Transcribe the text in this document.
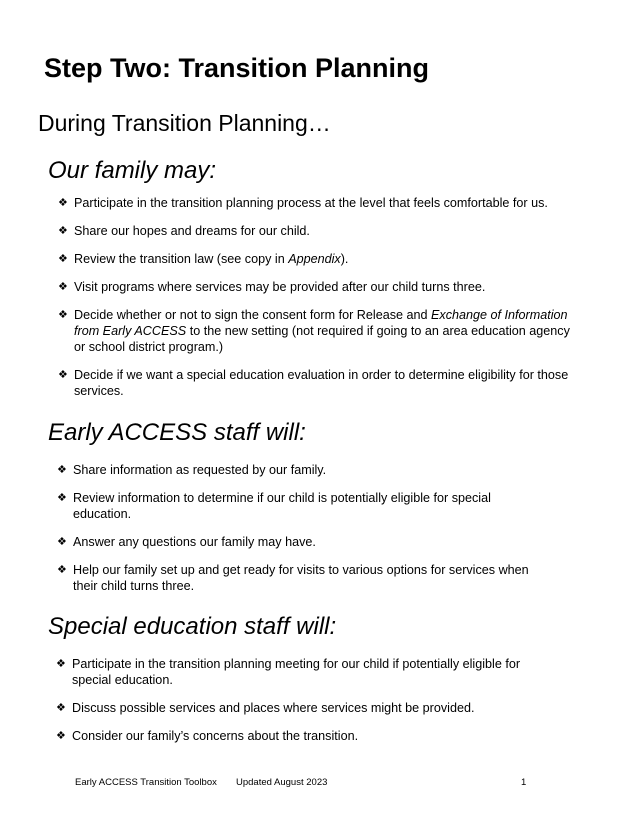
Step Two: Transition Planning
During Transition Planning…
Our family may:
❖ Participate in the transition planning process at the level that feels comfortable for us.
❖ Share our hopes and dreams for our child.
❖ Review the transition law (see copy in Appendix).
❖ Visit programs where services may be provided after our child turns three.
❖ Decide whether or not to sign the consent form for Release and Exchange of Information from Early ACCESS to the new setting (not required if going to an area education agency or school district program.)
❖ Decide if we want a special education evaluation in order to determine eligibility for those services.
Early ACCESS staff will:
❖ Share information as requested by our family.
❖ Review information to determine if our child is potentially eligible for special education.
❖ Answer any questions our family may have.
❖ Help our family set up and get ready for visits to various options for services when their child turns three.
Special education staff will:
❖ Participate in the transition planning meeting for our child if potentially eligible for special education.
❖ Discuss possible services and places where services might be provided.
❖ Consider our family’s concerns about the transition.
Early ACCESS Transition Toolbox Updated August 2023	1
